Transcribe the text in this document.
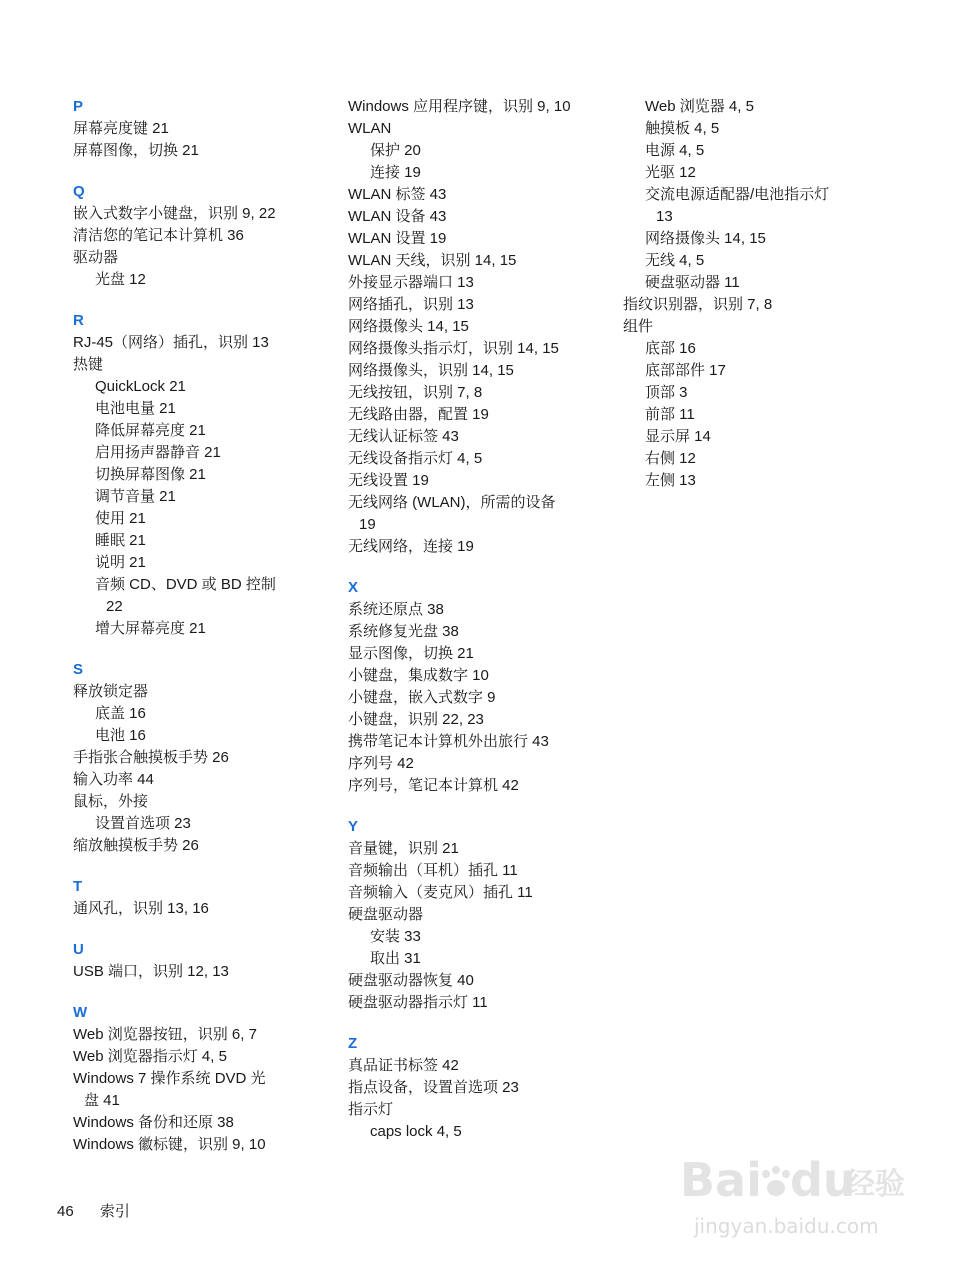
P
屏幕亮度键 21
屏幕图像，切换 21
Q
嵌入式数字小键盘，识别 9, 22
清洁您的笔记本计算机 36
驱动器
光盘 12
R
RJ-45（网络）插孔，识别 13
热键
QuickLock 21
电池电量 21
降低屏幕亮度 21
启用扬声器静音 21
切换屏幕图像 21
调节音量 21
使用 21
睡眠 21
说明 21
音频 CD、DVD 或 BD 控制
22
增大屏幕亮度 21
S
释放锁定器
底盖 16
电池 16
手指张合触摸板手势 26
输入功率 44
鼠标，外接
设置首选项 23
缩放触摸板手势 26
T
通风孔，识别 13, 16
U
USB 端口，识别 12, 13
W
Web 浏览器按钮，识别 6, 7
Web 浏览器指示灯 4, 5
Windows 7 操作系统 DVD 光
盘 41
Windows 备份和还原 38
Windows 徽标键，识别 9, 10
Windows 应用程序键，识别 9, 10
WLAN
保护 20
连接 19
WLAN 标签 43
WLAN 设备 43
WLAN 设置 19
WLAN 天线，识别 14, 15
外接显示器端口 13
网络插孔，识别 13
网络摄像头 14, 15
网络摄像头指示灯，识别 14, 15
网络摄像头，识别 14, 15
无线按钮，识别 7, 8
无线路由器，配置 19
无线认证标签 43
无线设备指示灯 4, 5
无线设置 19
无线网络 (WLAN)，所需的设备
19
无线网络，连接 19
X
系统还原点 38
系统修复光盘 38
显示图像，切换 21
小键盘，集成数字 10
小键盘，嵌入式数字 9
小键盘，识别 22, 23
携带笔记本计算机外出旅行 43
序列号 42
序列号，笔记本计算机 42
Y
音量键，识别 21
音频输出（耳机）插孔 11
音频输入（麦克风）插孔 11
硬盘驱动器
安装 33
取出 31
硬盘驱动器恢复 40
硬盘驱动器指示灯 11
Z
真品证书标签 42
指点设备，设置首选项 23
指示灯
caps lock 4, 5
Web 浏览器 4, 5
触摸板 4, 5
电源 4, 5
光驱 12
交流电源适配器/电池指示灯
13
网络摄像头 14, 15
无线 4, 5
硬盘驱动器 11
指纹识别器，识别 7, 8
组件
底部 16
底部部件 17
顶部 3
前部 11
显示屏 14
右侧 12
左侧 13
46 索引
Bai du
经验
jingyan.baidu.com
